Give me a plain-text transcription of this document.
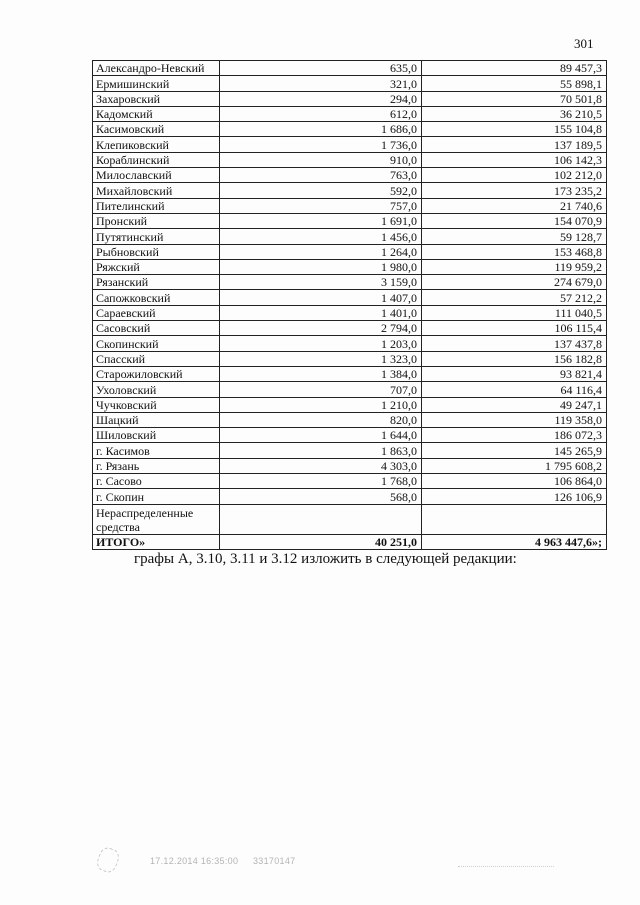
301
Александро-Невский	635,0	89 457,3
Ермишинский	321,0	55 898,1
Захаровский	294,0	70 501,8
Кадомский	612,0	36 210,5
Касимовский	1 686,0	155 104,8
Клепиковский	1 736,0	137 189,5
Кораблинский	910,0	106 142,3
Милославский	763,0	102 212,0
Михайловский	592,0	173 235,2
Пителинский	757,0	21 740,6
Пронский	1 691,0	154 070,9
Путятинский	1 456,0	59 128,7
Рыбновский	1 264,0	153 468,8
Ряжский	1 980,0	119 959,2
Рязанский	3 159,0	274 679,0
Сапожковский	1 407,0	57 212,2
Сараевский	1 401,0	111 040,5
Сасовский	2 794,0	106 115,4
Скопинский	1 203,0	137 437,8
Спасский	1 323,0	156 182,8
Старожиловский	1 384,0	93 821,4
Ухоловский	707,0	64 116,4
Чучковский	1 210,0	49 247,1
Шацкий	820,0	119 358,0
Шиловский	1 644,0	186 072,3
г. Касимов	1 863,0	145 265,9
г. Рязань	4 303,0	1 795 608,2
г. Сасово	1 768,0	106 864,0
г. Скопин	568,0	126 106,9
Нераспределенные средства		
ИТОГО»	40 251,0	4 963 447,6»;
графы А, 3.10, 3.11 и 3.12 изложить в следующей редакции:
17.12.2014 16:35:00 33170147
